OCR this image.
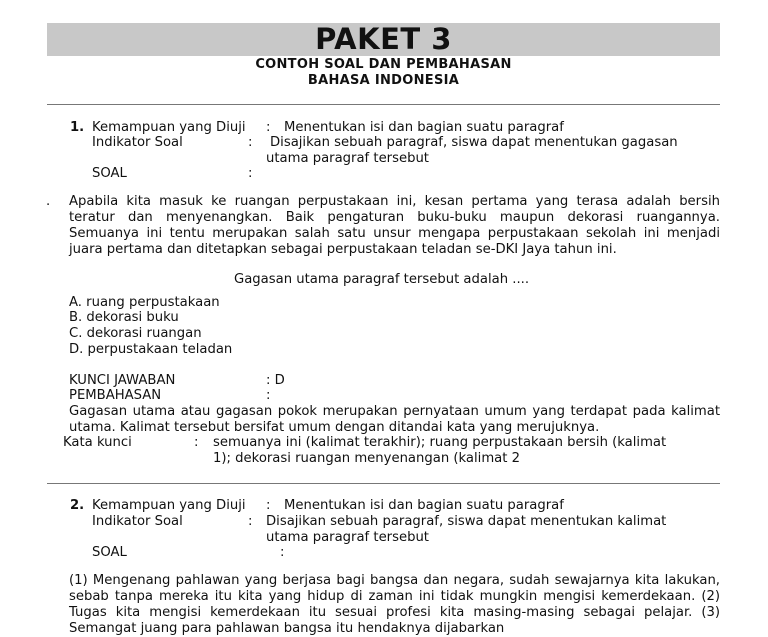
PAKET 3
CONTOH SOAL DAN PEMBAHASAN
BAHASA INDONESIA
1. Kemampuan yang Diuji : Menentukan isi dan bagian suatu paragraf
Indikator Soal	: Disajikan sebuah paragraf, siswa dapat menentukan gagasan
utama paragraf tersebut
SOAL	:
. Apabila kita masuk ke ruangan perpustakaan ini, kesan pertama yang terasa adalah bersih teratur dan menyenangkan. Baik pengaturan buku-buku maupun dekorasi ruangannya. Semuanya ini tentu merupakan salah satu unsur mengapa perpustakaan sekolah ini menjadi juara pertama dan ditetapkan sebagai perpustakaan teladan se-DKI Jaya tahun ini.
Gagasan utama paragraf tersebut adalah ....
A. ruang perpustakaan
B. dekorasi buku
C. dekorasi ruangan
D. perpustakaan teladan
KUNCI JAWABAN	: D
PEMBAHASAN	:
Gagasan utama atau gagasan pokok merupakan pernyataan umum yang terdapat pada kalimat utama. Kalimat tersebut bersifat umum dengan ditandai kata yang merujuknya.
Kata kunci	: semuanya ini (kalimat terakhir); ruang perpustakaan bersih (kalimat
1); dekorasi ruangan menyenangan (kalimat 2
2. Kemampuan yang Diuji : Menentukan isi dan bagian suatu paragraf
Indikator Soal	: Disajikan sebuah paragraf, siswa dapat menentukan kalimat
utama paragraf tersebut
SOAL	:
(1) Mengenang pahlawan yang berjasa bagi bangsa dan negara, sudah sewajarnya kita lakukan, sebab tanpa mereka itu kita yang hidup di zaman ini tidak mungkin mengisi kemerdekaan. (2) Tugas kita mengisi kemerdekaan itu sesuai profesi kita masing-masing sebagai pelajar. (3) Semangat juang para pahlawan bangsa itu hendaknya dijabarkan
